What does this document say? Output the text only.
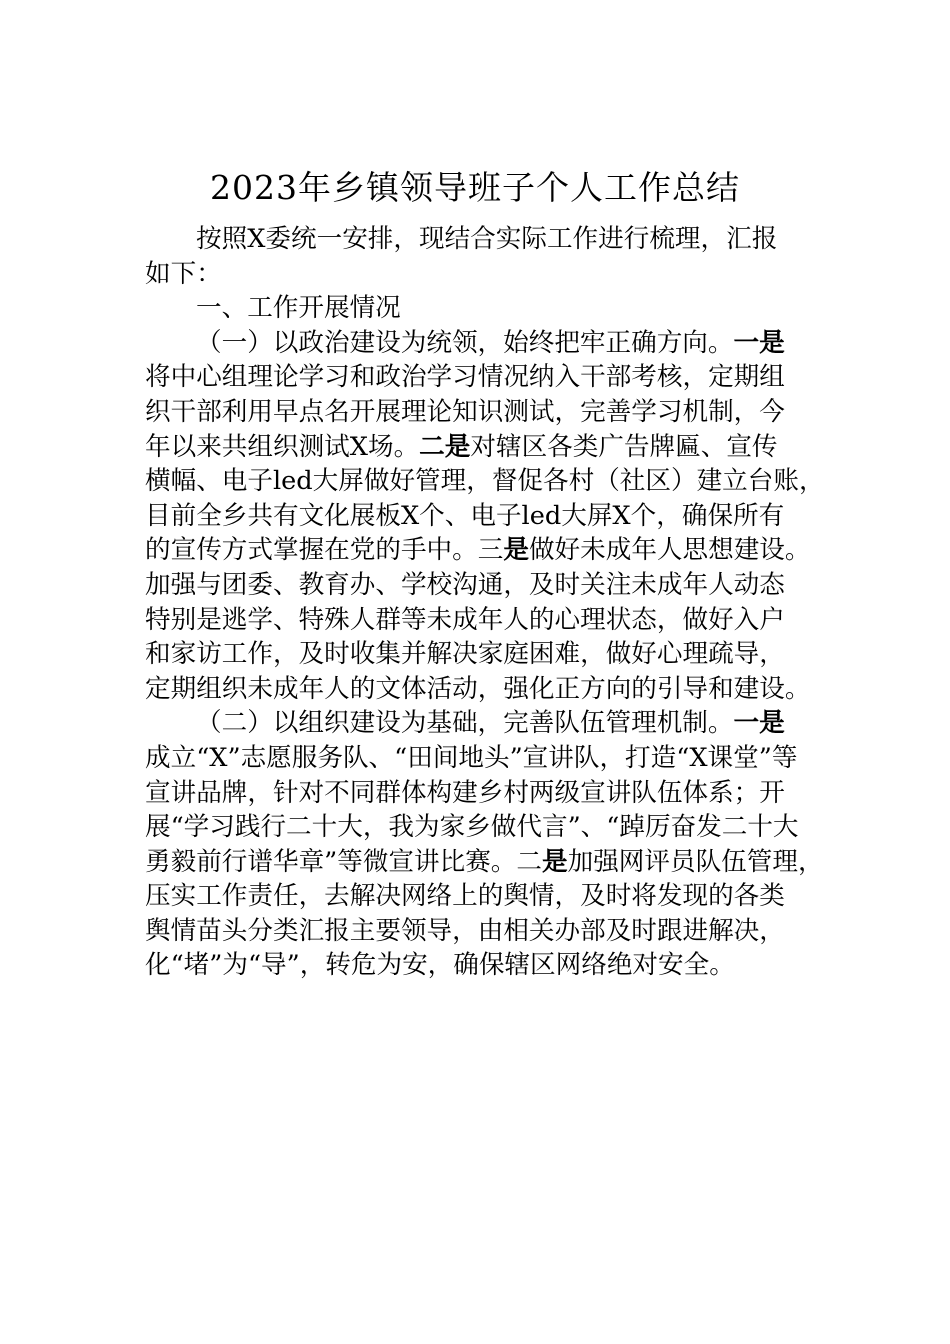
2023年乡镇领导班子个人工作总结
按照X委统一安排，现结合实际工作进行梳理，汇报
如下：
一、工作开展情况
（一）以政治建设为统领，始终把牢正确方向。一是
将中心组理论学习和政治学习情况纳入干部考核，定期组
织干部利用早点名开展理论知识测试，完善学习机制，今
年以来共组织测试X场。二是对辖区各类广告牌匾、宣传
横幅、电子led大屏做好管理，督促各村（社区）建立台账，
目前全乡共有文化展板X个、电子led大屏X个，确保所有
的宣传方式掌握在党的手中。三是做好未成年人思想建设。
加强与团委、教育办、学校沟通，及时关注未成年人动态
特别是逃学、特殊人群等未成年人的心理状态，做好入户
和家访工作，及时收集并解决家庭困难，做好心理疏导，
定期组织未成年人的文体活动，强化正方向的引导和建设。
（二）以组织建设为基础，完善队伍管理机制。一是
成立“X”志愿服务队、“田间地头”宣讲队，打造“X课堂”等
宣讲品牌，针对不同群体构建乡村两级宣讲队伍体系；开
展“学习践行二十大，我为家乡做代言”、“踔厉奋发二十大
勇毅前行谱华章”等微宣讲比赛。二是加强网评员队伍管理，
压实工作责任，去解决网络上的舆情，及时将发现的各类
舆情苗头分类汇报主要领导，由相关办部及时跟进解决，
化“堵”为“导”，转危为安，确保辖区网络绝对安全。
